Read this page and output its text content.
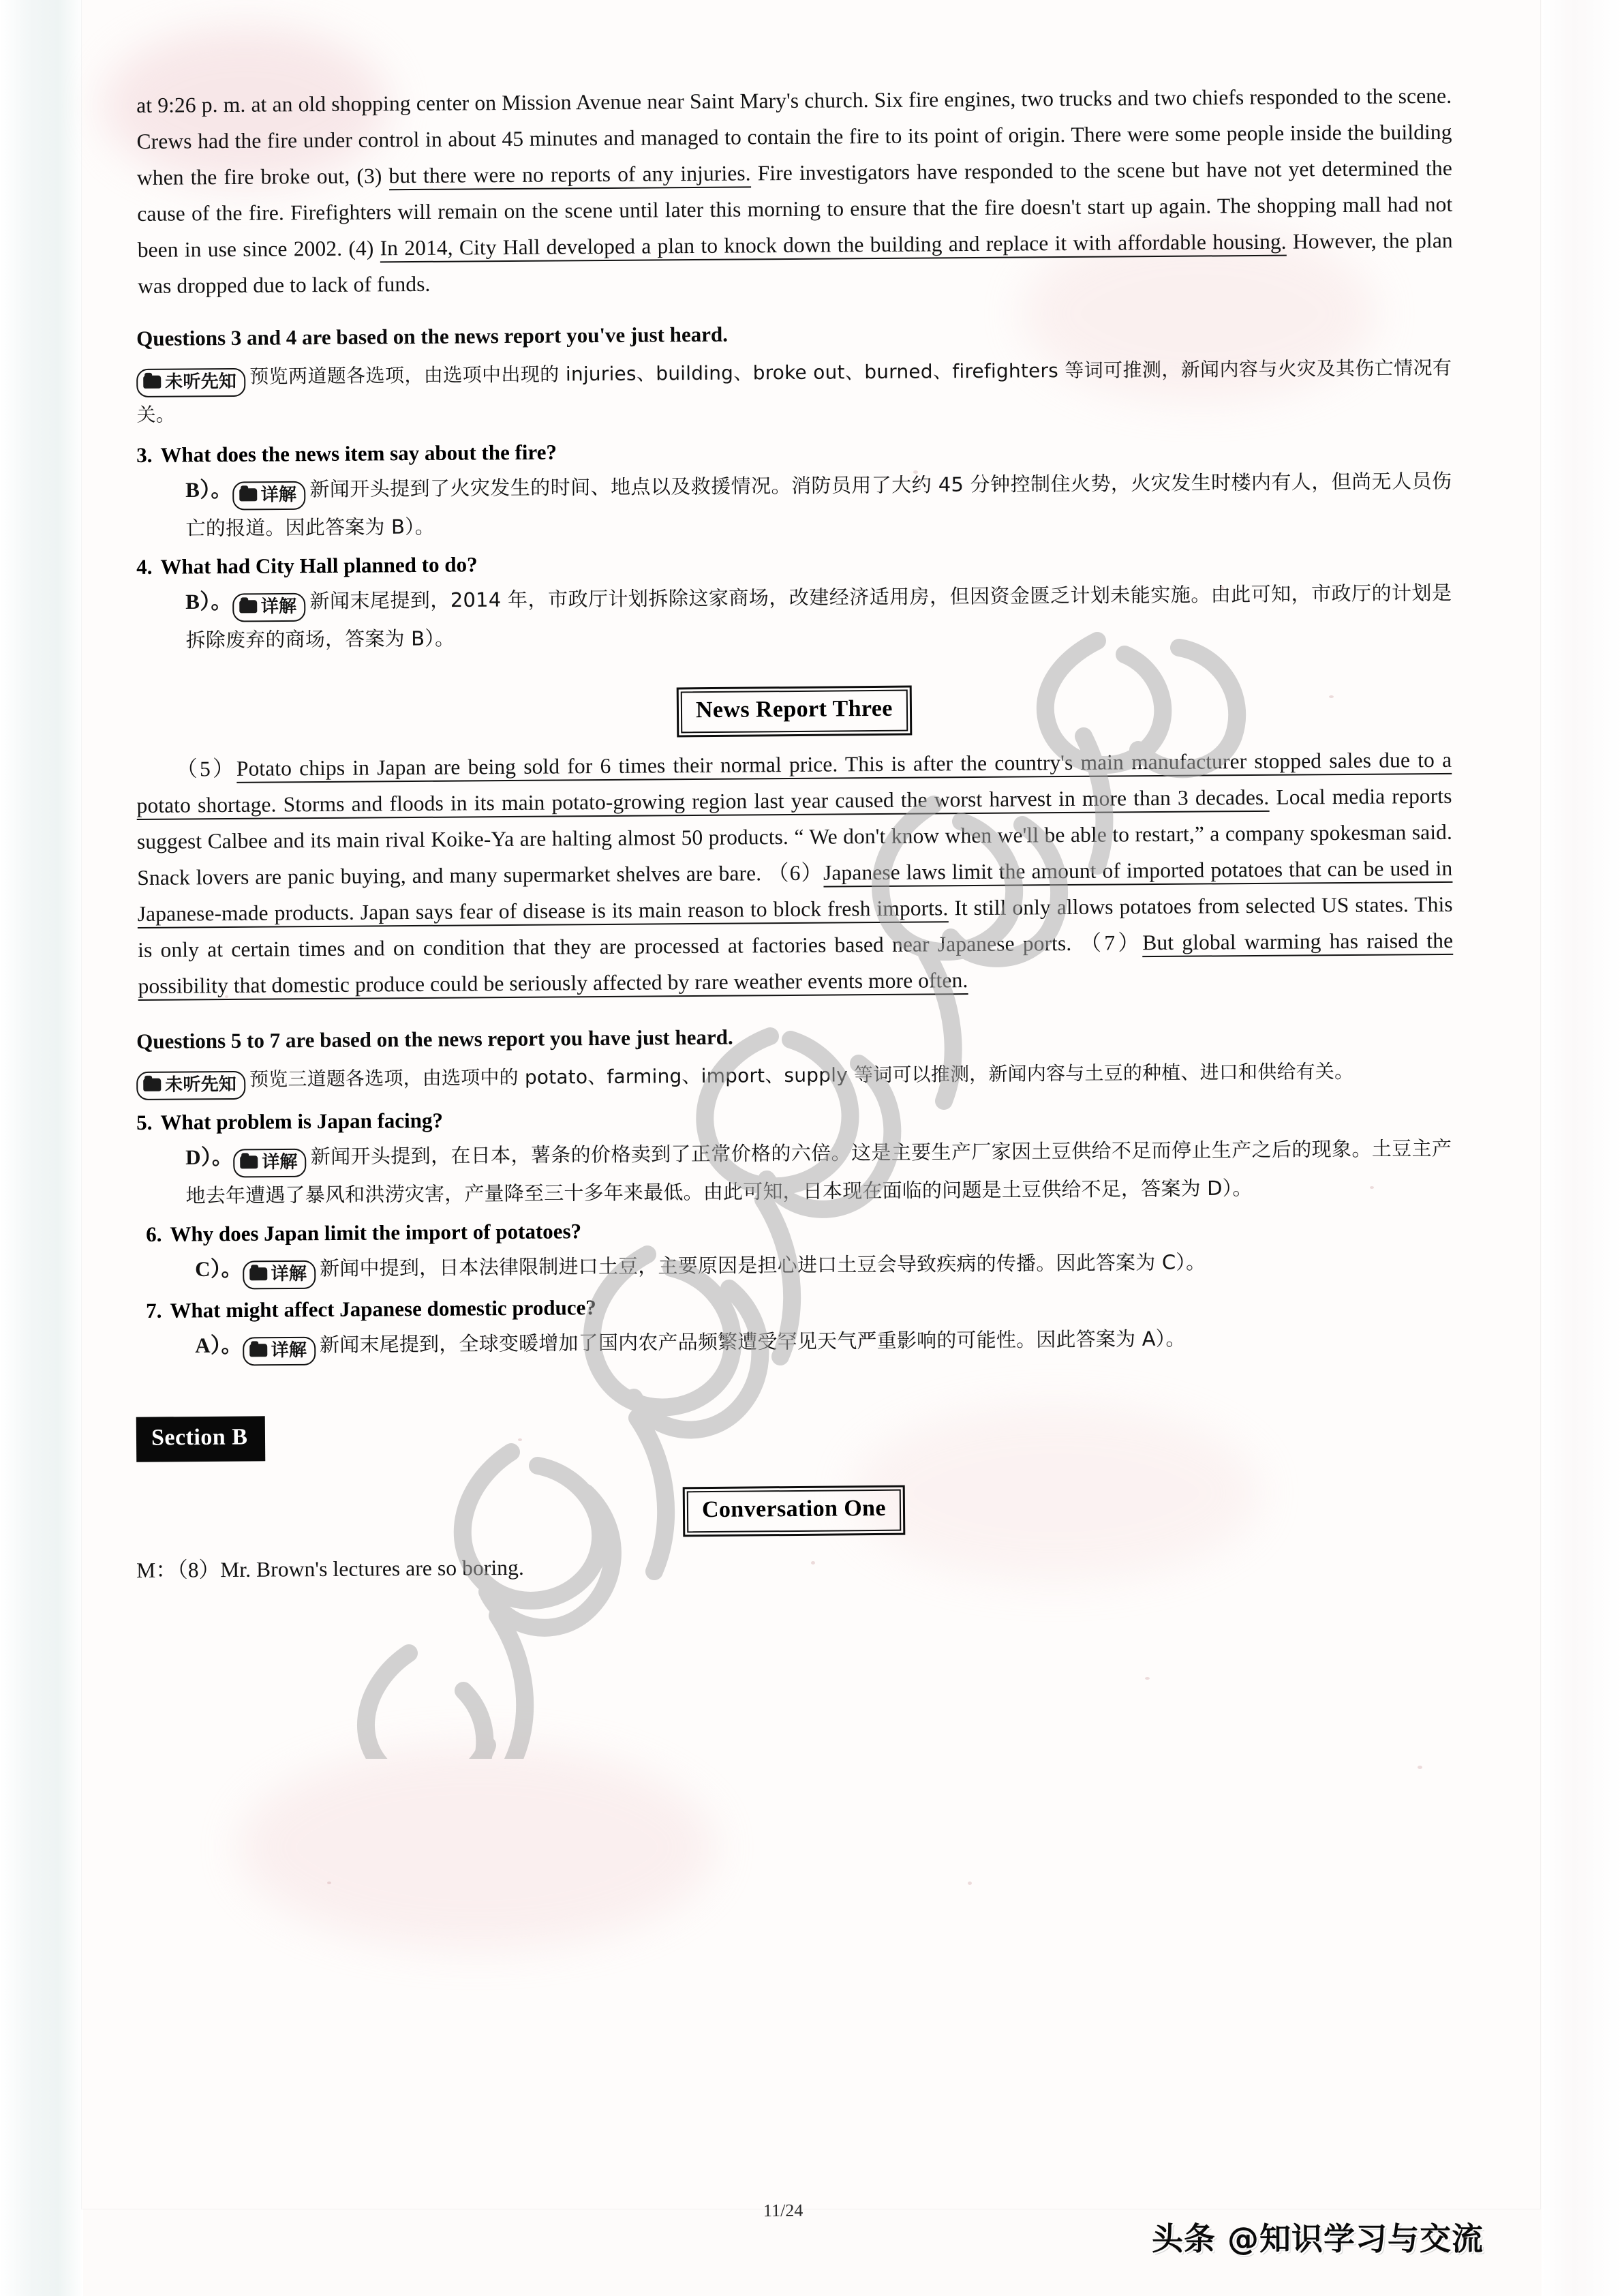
at 9:26 p. m. at an old shopping center on Mission Avenue near Saint Mary's church. Six fire engines, two trucks and two chiefs responded to the scene. Crews had the fire under control in about 45 minutes and managed to contain the fire to its point of origin. There were some people inside the building when the fire broke out, (3) but there were no reports of any injuries. Fire investigators have responded to the scene but have not yet determined the cause of the fire. Firefighters will remain on the scene until later this morning to ensure that the fire doesn't start up again. The shopping mall had not been in use since 2002. (4) In 2014, City Hall developed a plan to knock down the building and replace it with affordable housing. However, the plan was dropped due to lack of funds.
Questions 3 and 4 are based on the news report you've just heard.
未听先知 预览两道题各选项，由选项中出现的 injuries、building、broke out、burned、firefighters 等词可推测，新闻内容与火灾及其伤亡情况有关。
3. What does the news item say about the fire?
B）。 详解 新闻开头提到了火灾发生的时间、地点以及救援情况。消防员用了大约 45 分钟控制住火势，火灾发生时楼内有人，但尚无人员伤亡的报道。因此答案为 B）。
4. What had City Hall planned to do?
B）。 详解 新闻末尾提到，2014 年，市政厅计划拆除这家商场，改建经济适用房，但因资金匮乏计划未能实施。由此可知，市政厅的计划是拆除废弃的商场，答案为 B）。
News Report Three
（5）Potato chips in Japan are being sold for 6 times their normal price. This is after the country's main manufacturer stopped sales due to a potato shortage. Storms and floods in its main potato-growing region last year caused the worst harvest in more than 3 decades. Local media reports suggest Calbee and its main rival Koike-Ya are halting almost 50 products. “ We don't know when we'll be able to restart,” a company spokesman said. Snack lovers are panic buying, and many supermarket shelves are bare. （6）Japanese laws limit the amount of imported potatoes that can be used in Japanese-made products. Japan says fear of disease is its main reason to block fresh imports. It still only allows potatoes from selected US states. This is only at certain times and on condition that they are processed at factories based near Japanese ports. （7）But global warming has raised the possibility that domestic produce could be seriously affected by rare weather events more often.
Questions 5 to 7 are based on the news report you have just heard.
未听先知 预览三道题各选项，由选项中的 potato、farming、import、supply 等词可以推测，新闻内容与土豆的种植、进口和供给有关。
5. What problem is Japan facing?
D）。 详解 新闻开头提到，在日本，薯条的价格卖到了正常价格的六倍。这是主要生产厂家因土豆供给不足而停止生产之后的现象。土豆主产地去年遭遇了暴风和洪涝灾害，产量降至三十多年来最低。由此可知，日本现在面临的问题是土豆供给不足，答案为 D）。
6. Why does Japan limit the import of potatoes?
C）。 详解 新闻中提到，日本法律限制进口土豆，主要原因是担心进口土豆会导致疾病的传播。因此答案为 C）。
7. What might affect Japanese domestic produce?
A）。 详解 新闻末尾提到，全球变暖增加了国内农产品频繁遭受罕见天气严重影响的可能性。因此答案为 A）。
Section B
Conversation One
M：（8）Mr. Brown's lectures are so boring.
11/24
头条 @知识学习与交流
